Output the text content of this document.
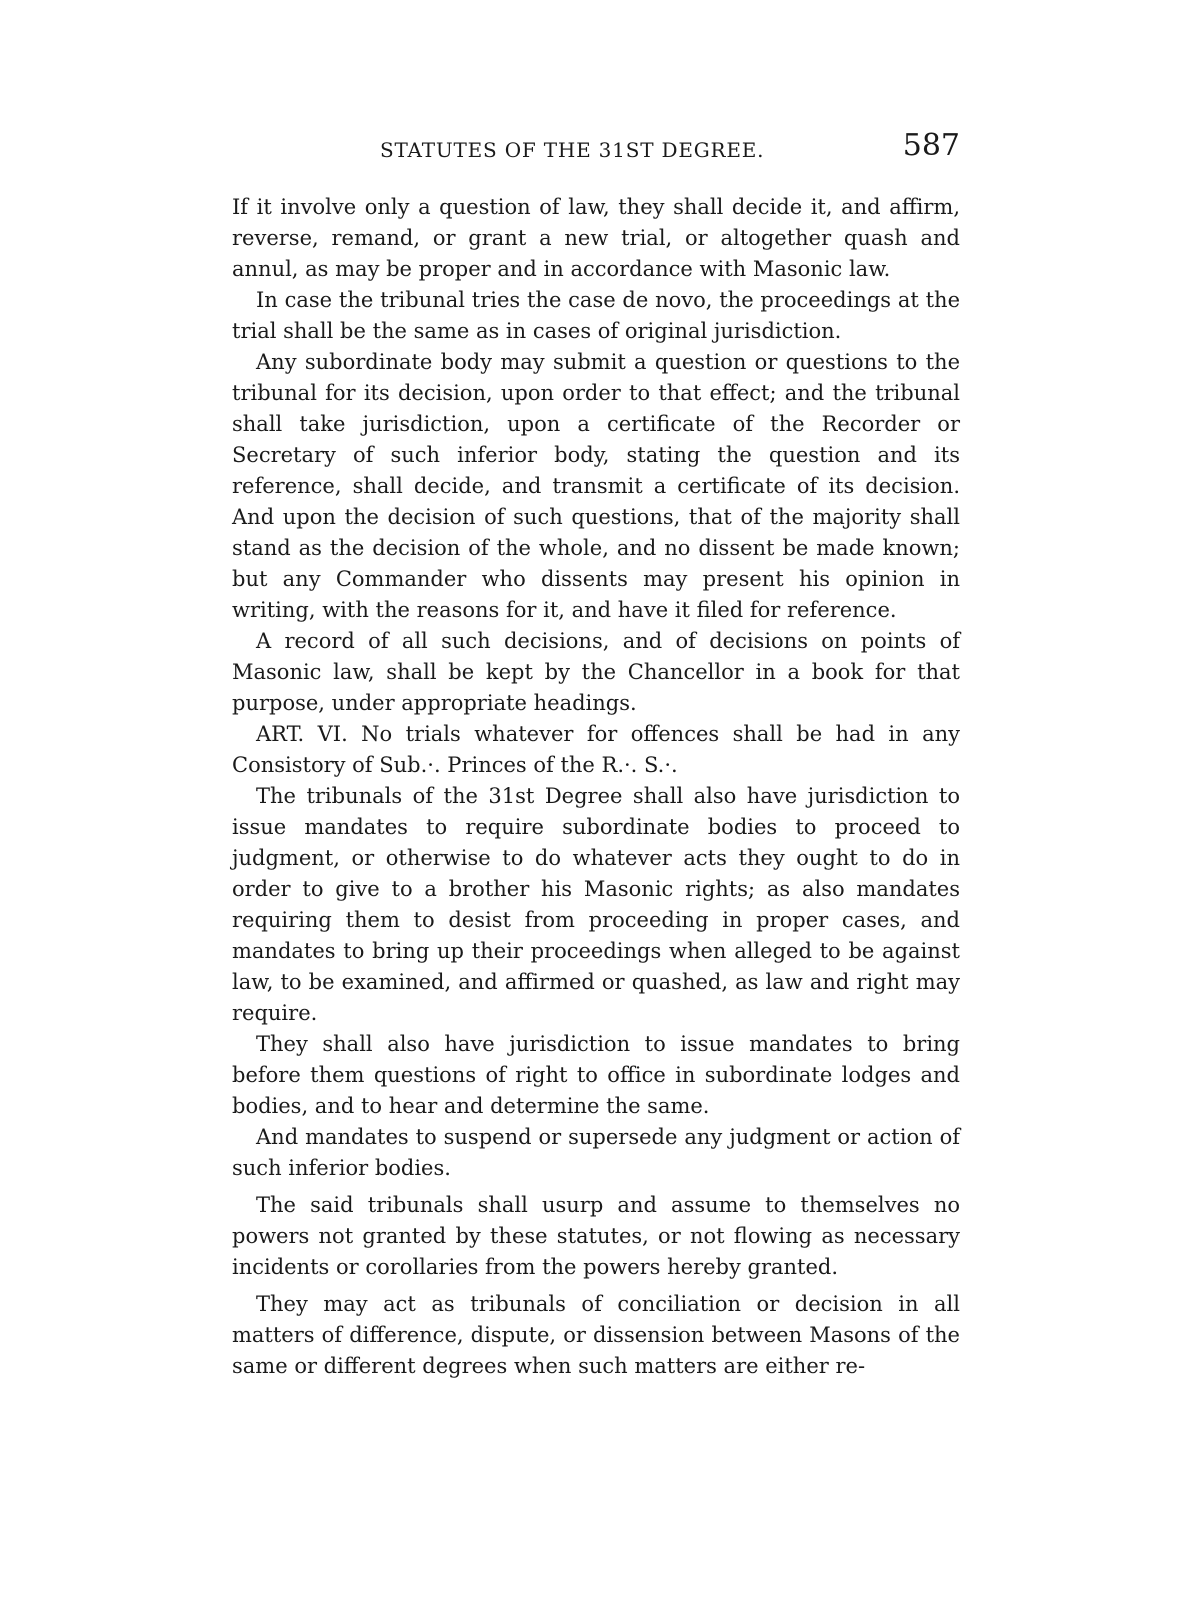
STATUTES OF THE 31ST DEGREE.	587

If it involve only a question of law, they shall decide it, and affirm, reverse, remand, or grant a new trial, or altogether quash and annul, as may be proper and in accordance with Masonic law.

In case the tribunal tries the case de novo, the proceedings at the trial shall be the same as in cases of original jurisdiction.

Any subordinate body may submit a question or questions to the tribunal for its decision, upon order to that effect; and the tribunal shall take jurisdiction, upon a certificate of the Recorder or Secretary of such inferior body, stating the question and its reference, shall decide, and transmit a certificate of its decision. And upon the decision of such questions, that of the majority shall stand as the decision of the whole, and no dissent be made known; but any Commander who dissents may present his opinion in writing, with the reasons for it, and have it filed for reference.

A record of all such decisions, and of decisions on points of Masonic law, shall be kept by the Chancellor in a book for that purpose, under appropriate headings.

ART. VI. No trials whatever for offences shall be had in any Consistory of Sub.·. Princes of the R.·. S.·.

The tribunals of the 31st Degree shall also have jurisdiction to issue mandates to require subordinate bodies to proceed to judgment, or otherwise to do whatever acts they ought to do in order to give to a brother his Masonic rights; as also mandates requiring them to desist from proceeding in proper cases, and mandates to bring up their proceedings when alleged to be against law, to be examined, and affirmed or quashed, as law and right may require.

They shall also have jurisdiction to issue mandates to bring before them questions of right to office in subordinate lodges and bodies, and to hear and determine the same.

And mandates to suspend or supersede any judgment or action of such inferior bodies.

The said tribunals shall usurp and assume to themselves no powers not granted by these statutes, or not flowing as necessary incidents or corollaries from the powers hereby granted.

They may act as tribunals of conciliation or decision in all matters of difference, dispute, or dissension between Masons of the same or different degrees when such matters are either re-
